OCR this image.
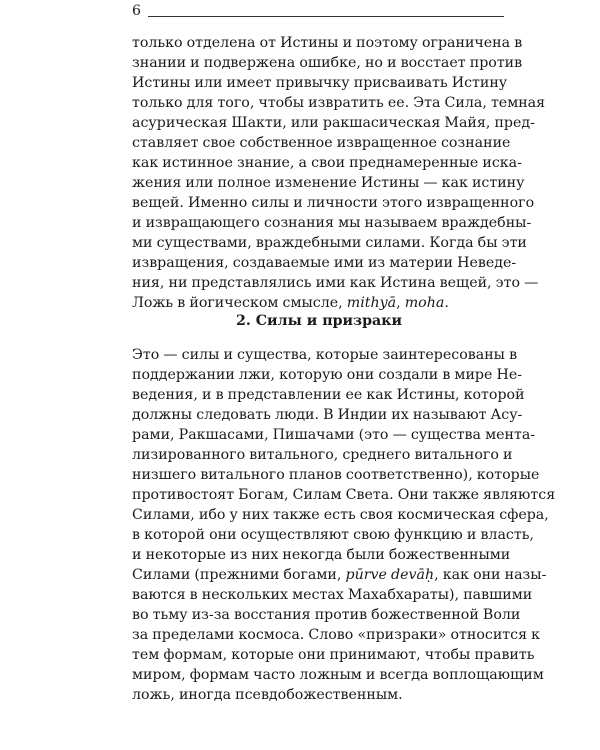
6
только отделена от Истины и поэтому ограничена в
знании и подвержена ошибке, но и восстает против
Истины или имеет привычку присваивать Истину
только для того, чтобы извратить ее. Эта Сила, темная
асурическая Шакти, или ракшасическая Майя, пред-
ставляет свое собственное извращенное сознание
как истинное знание, а свои преднамеренные иска-
жения или полное изменение Истины — как истину
вещей. Именно силы и личности этого извращенного
и извращающего сознания мы называем враждебны-
ми существами, враждебными силами. Когда бы эти
извращения, создаваемые ими из материи Неведе-
ния, ни представлялись ими как Истина вещей, это —
Ложь в йогическом смысле, mithyā, moha.
2. Силы и призраки
Это — силы и существа, которые заинтересованы в
поддержании лжи, которую они создали в мире Не-
ведения, и в представлении ее как Истины, которой
должны следовать люди. В Индии их называют Асу-
рами, Ракшасами, Пишачами (это — существа мента-
лизированного витального, среднего витального и
низшего витального планов соответственно), которые
противостоят Богам, Силам Света. Они также являются
Силами, ибо у них также есть своя космическая сфера,
в которой они осуществляют свою функцию и власть,
и некоторые из них некогда были божественными
Силами (прежними богами, pūrve devāḥ, как они назы-
ваются в нескольких местах Махабхараты), павшими
во тьму из-за восстания против божественной Воли
за пределами космоса. Слово «призраки» относится к
тем формам, которые они принимают, чтобы править
миром, формам часто ложным и всегда воплощающим
ложь, иногда псевдобожественным.
